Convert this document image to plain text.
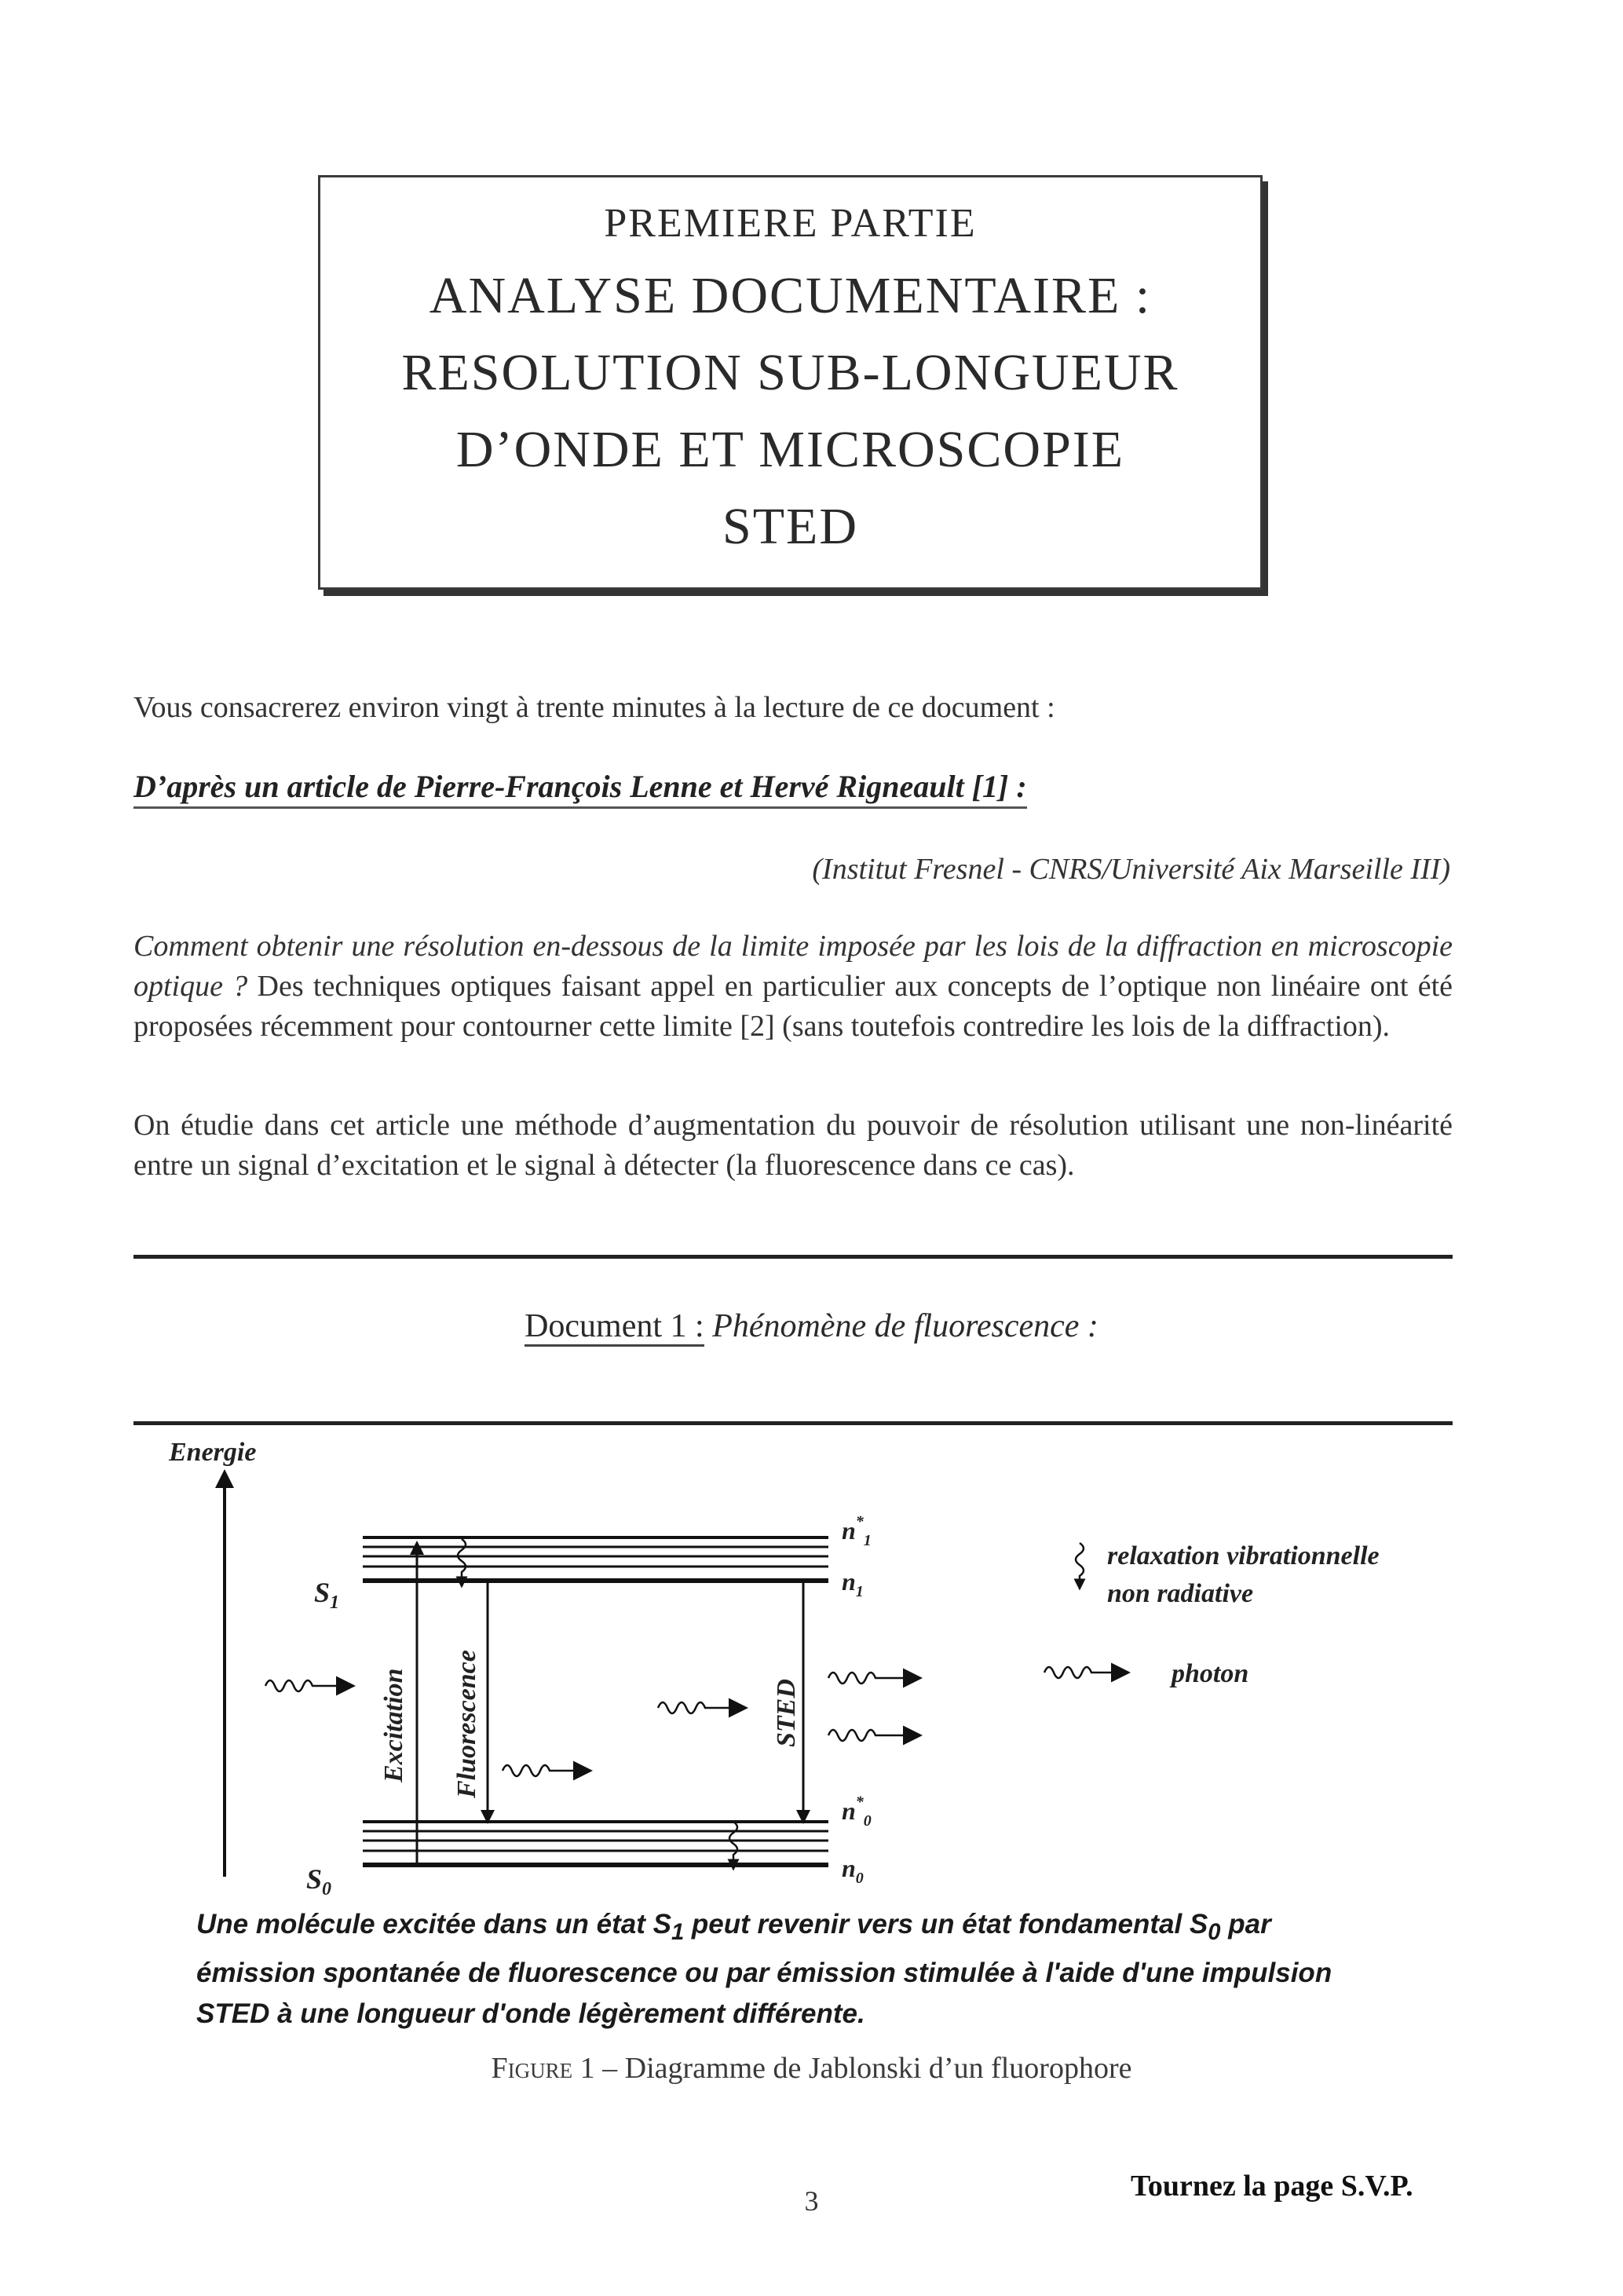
PREMIERE PARTIE
ANALYSE DOCUMENTAIRE :
RESOLUTION SUB-LONGUEUR
D’ONDE ET MICROSCOPIE
STED
Vous consacrerez environ vingt à trente minutes à la lecture de ce document :
D’après un article de Pierre-François Lenne et Hervé Rigneault [1] :
(Institut Fresnel - CNRS/Université Aix Marseille III)
Comment obtenir une résolution en-dessous de la limite imposée par les lois de la diffraction en microscopie optique ? Des techniques optiques faisant appel en particulier aux concepts de l’optique non linéaire ont été proposées récemment pour contourner cette limite [2] (sans toutefois contredire les lois de la diffraction).
On étudie dans cet article une méthode d’augmentation du pouvoir de résolution utilisant une non-linéarité entre un signal d’excitation et le signal à détecter (la fluorescence dans ce cas).
Document 1 : Phénomène de fluorescence :
Energie
$S_1$
$S_0$
$n^*_1$
$n_1$
$n^*_0$
$n_0$
Excitation Fluorescence	STED
relaxation vibrationnelle
non radiative
photon
Une molécule excitée dans un état $S_1$ peut revenir vers un état fondamental $S_0$ par émission spontanée de fluorescence ou par émission stimulée à l'aide d'une impulsion STED à une longueur d'onde légèrement différente.
Figure 1 – Diagramme de Jablonski d’un fluorophore
3	Tournez la page S.V.P.
